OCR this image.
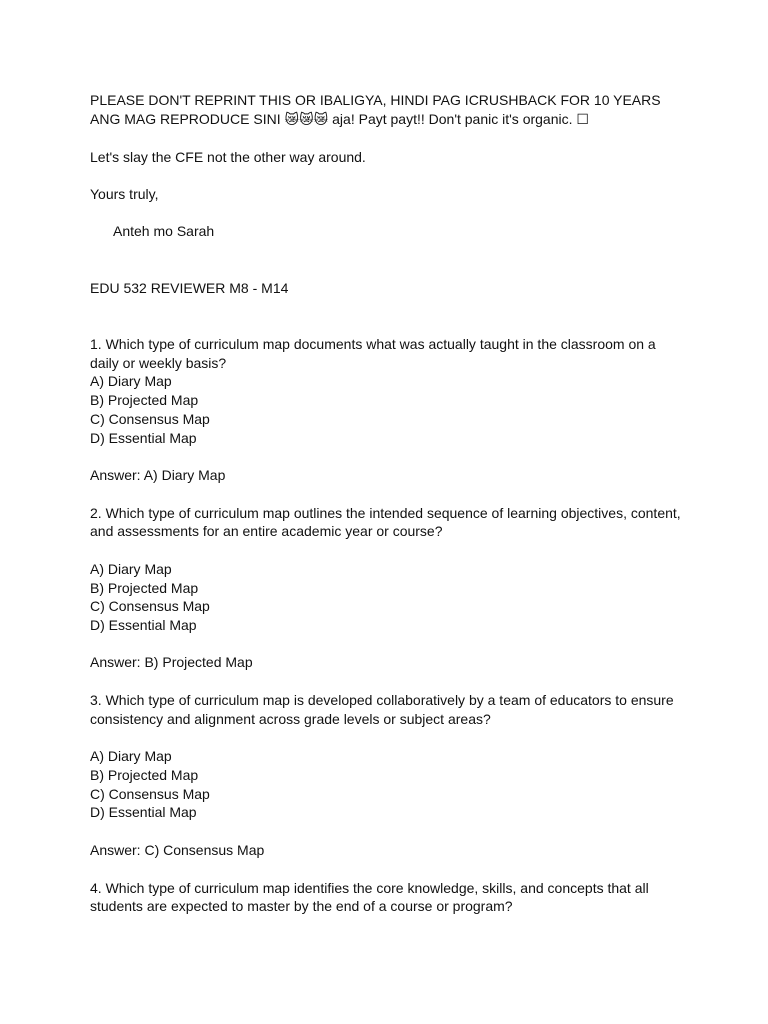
PLEASE DON'T REPRINT THIS OR IBALIGYA, HINDI PAG ICRUSHBACK FOR 10 YEARS

ANG MAG REPRODUCE SINI 😿😿😿 aja! Payt payt!! Don't panic it's organic. ☐

Let's slay the CFE not the other way around.

Yours truly,

Anteh mo Sarah

EDU 532 REVIEWER M8 - M14

1. Which type of curriculum map documents what was actually taught in the classroom on a

daily or weekly basis?

A) Diary Map

B) Projected Map

C) Consensus Map

D) Essential Map

Answer: A) Diary Map

2. Which type of curriculum map outlines the intended sequence of learning objectives, content,

and assessments for an entire academic year or course?

A) Diary Map

B) Projected Map

C) Consensus Map

D) Essential Map

Answer: B) Projected Map

3. Which type of curriculum map is developed collaboratively by a team of educators to ensure

consistency and alignment across grade levels or subject areas?

A) Diary Map

B) Projected Map

C) Consensus Map

D) Essential Map

Answer: C) Consensus Map

4. Which type of curriculum map identifies the core knowledge, skills, and concepts that all

students are expected to master by the end of a course or program?
